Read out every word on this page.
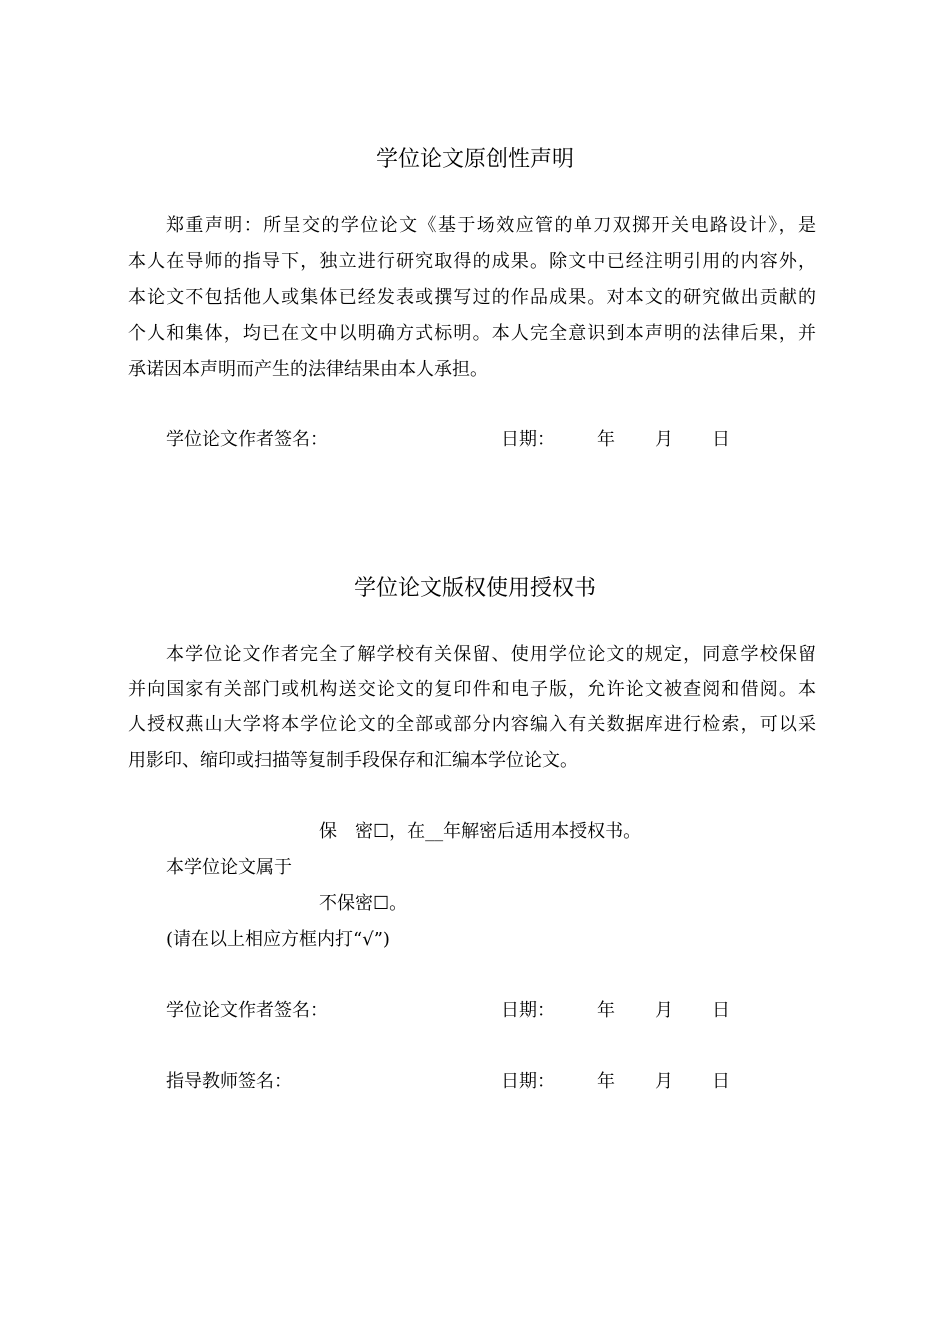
学位论文原创性声明
郑重声明：所呈交的学位论文《基于场效应管的单刀双掷开关电路设计》，是
本人在导师的指导下，独立进行研究取得的成果。除文中已经注明引用的内容外，
本论文不包括他人或集体已经发表或撰写过的作品成果。对本文的研究做出贡献的
个人和集体，均已在文中以明确方式标明。本人完全意识到本声明的法律后果，并
承诺因本声明而产生的法律结果由本人承担。
学位论文作者签名：	日期： 年 月 日
学位论文版权使用授权书
本学位论文作者完全了解学校有关保留、使用学位论文的规定，同意学校保留
并向国家有关部门或机构送交论文的复印件和电子版，允许论文被查阅和借阅。本
人授权燕山大学将本学位论文的全部或部分内容编入有关数据库进行检索，可以采
用影印、缩印或扫描等复制手段保存和汇编本学位论文。
保　密☐，在__年解密后适用本授权书。
本学位论文属于
不保密☐。
(请在以上相应方框内打“√”)
学位论文作者签名：	日期： 年 月 日
指导教师签名：	日期： 年 月 日
